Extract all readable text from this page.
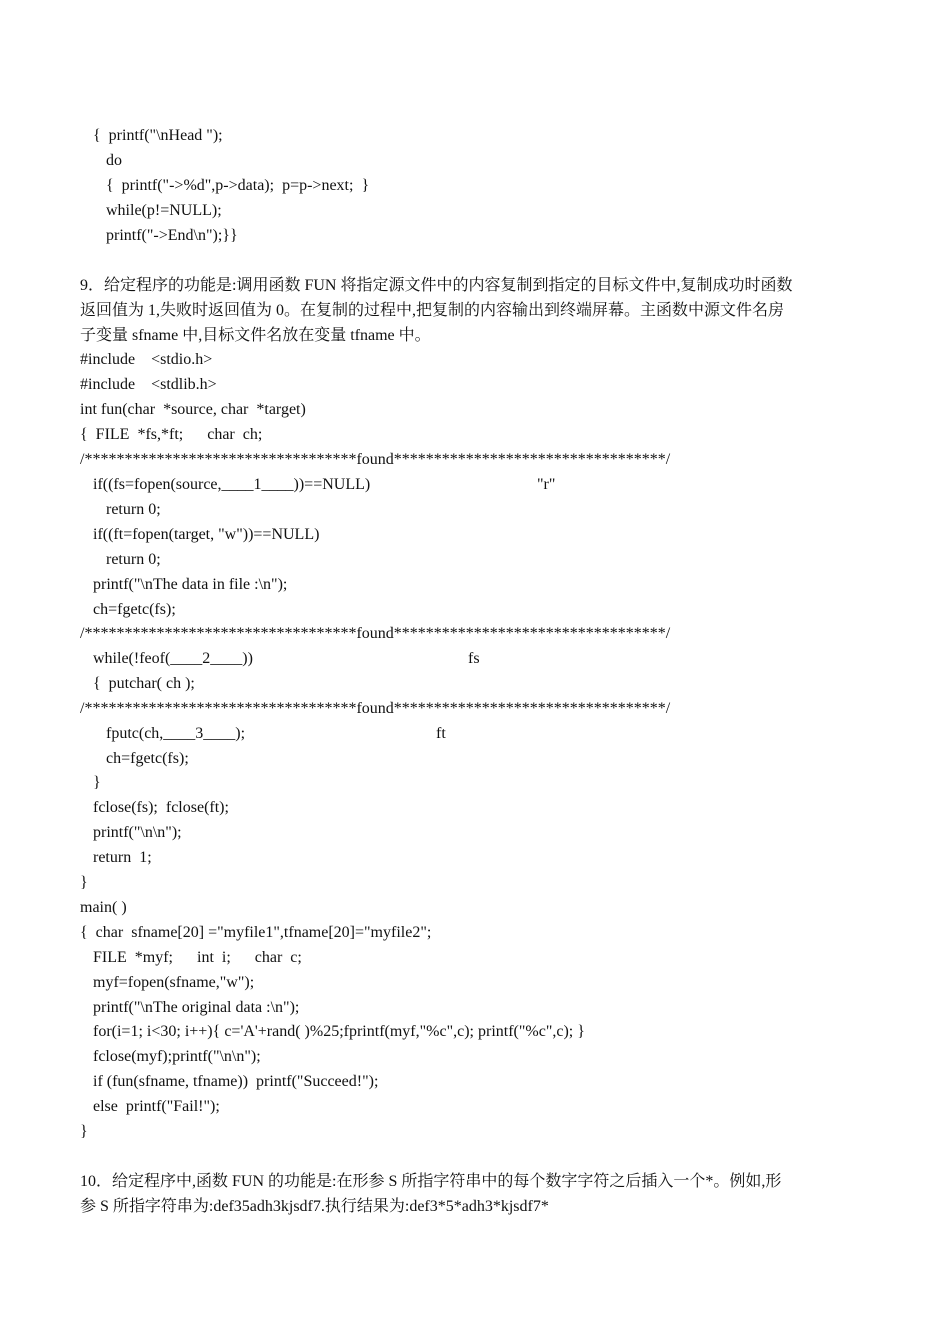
{  printf("\nHead ");
do
{  printf("->%d",p->data);  p=p->next;  }
while(p!=NULL);
printf("->End\n");}}
9．给定程序的功能是:调用函数 FUN 将指定源文件中的内容复制到指定的目标文件中,复制成功时函数
返回值为 1,失败时返回值为 0。在复制的过程中,把复制的内容输出到终端屏幕。主函数中源文件名房
子变量 sfname 中,目标文件名放在变量 tfname 中。
#include    <stdio.h>
#include    <stdlib.h>
int fun(char  *source, char  *target)
{  FILE  *fs,*ft;      char  ch;
/**********************************found**********************************/
if((fs=fopen(source,____1____))==NULL)	"r"
return 0;
if((ft=fopen(target, "w"))==NULL)
return 0;
printf("\nThe data in file :\n");
ch=fgetc(fs);
/**********************************found**********************************/
while(!feof(____2____))	fs
{  putchar( ch );
/**********************************found**********************************/
fputc(ch,____3____);	ft
ch=fgetc(fs);
}
fclose(fs);  fclose(ft);
printf("\n\n");
return  1;
}
main( )
{  char  sfname[20] ="myfile1",tfname[20]="myfile2";
FILE  *myf;      int  i;      char  c;
myf=fopen(sfname,"w");
printf("\nThe original data :\n");
for(i=1; i<30; i++){ c='A'+rand( )%25;fprintf(myf,"%c",c); printf("%c",c); }
fclose(myf);printf("\n\n");
if (fun(sfname, tfname))  printf("Succeed!");
else  printf("Fail!");
}
10．给定程序中,函数 FUN 的功能是:在形参 S 所指字符串中的每个数字字符之后插入一个*。例如,形
参 S 所指字符串为:def35adh3kjsdf7.执行结果为:def3*5*adh3*kjsdf7*
